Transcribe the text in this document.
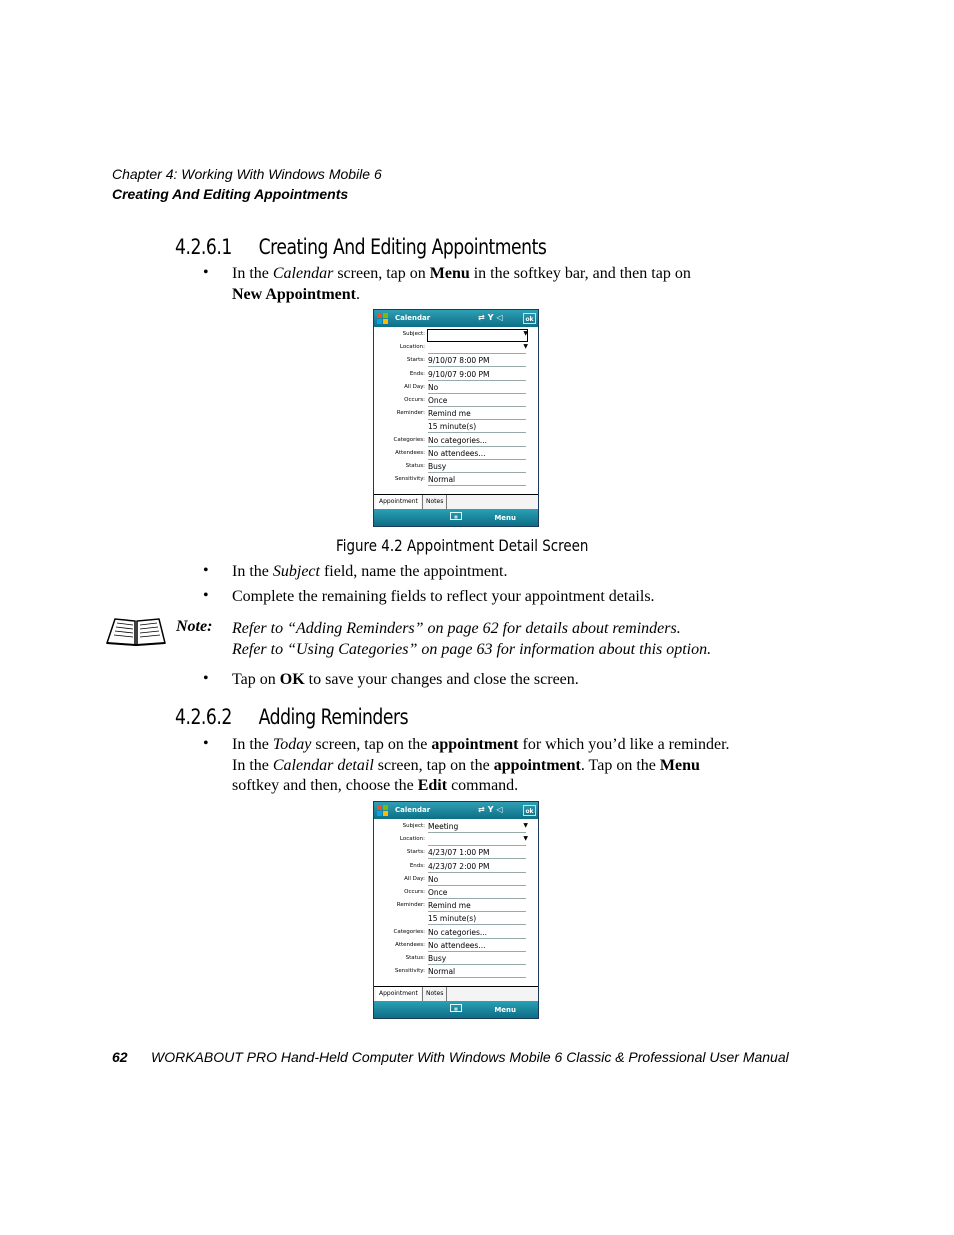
Chapter 4: Working With Windows Mobile 6
Creating And Editing Appointments
4.2.6.1 Creating And Editing Appointments
• In the Calendar screen, tap on Menu in the softkey bar, and then tap on
New Appointment.
Calendar	⇄Y◁	ok
Subject:	▼
Location:	▼
Starts: 9/10/07 8:00 PM
Ends: 9/10/07 9:00 PM
All Day: No
Occurs: Once
Reminder: Remind me
15 minute(s)
Categories: No categories...
Attendees: No attendees...
Status: Busy
Sensitivity: Normal
Appointment	Notes
▦	Menu
Figure 4.2 Appointment Detail Screen
• In the Subject field, name the appointment.
• Complete the remaining fields to reflect your appointment details.
Note: Refer to “Adding Reminders” on page 62 for details about reminders.
Refer to “Using Categories” on page 63 for information about this option.
• Tap on OK to save your changes and close the screen.
4.2.6.2 Adding Reminders
• In the Today screen, tap on the appointment for which you’d like a reminder.
In the Calendar detail screen, tap on the appointment. Tap on the Menu
softkey and then, choose the Edit command.
Calendar	⇄Y◁	ok
Subject: Meeting	▼
Location:	▼
Starts: 4/23/07 1:00 PM
Ends: 4/23/07 2:00 PM
All Day: No
Occurs: Once
Reminder: Remind me
15 minute(s)
Categories: No categories...
Attendees: No attendees...
Status: Busy
Sensitivity: Normal
Appointment	Notes
▦	Menu
62 WORKABOUT PRO Hand-Held Computer With Windows Mobile 6 Classic & Professional User Manual
